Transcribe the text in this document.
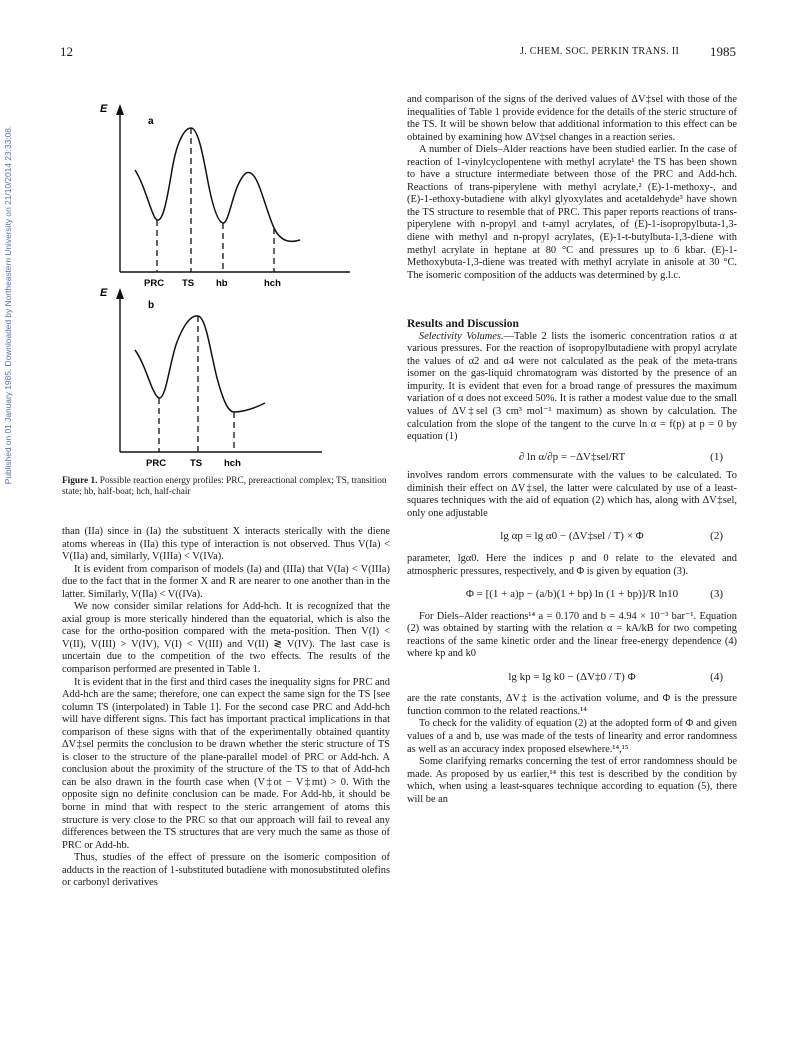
Published on 01 January 1985. Downloaded by Northeastern University on 21/10/2014 23:33:08.
12	J. CHEM. SOC. PERKIN TRANS. II 1985
E
a
PRC TS hb	hch
E
b
PRC	TS hch
Figure 1. Possible reaction energy profiles: PRC, prereactional complex; TS, transition state; hb, half-boat; hch, half-chair

than (IIa) since in (Ia) the substituent X interacts sterically with the diene atoms whereas in (IIa) this type of interaction is not observed. Thus V(Ia) < V(IIa) and, similarly, V(IIIa) < V(IVa).

It is evident from comparison of models (Ia) and (IIIa) that V(Ia) < V(IIIa) due to the fact that in the former X and R are nearer to one another than in the latter. Similarly, V(IIa) < V((IVa).

We now consider similar relations for Add-hch. It is recognized that the axial group is more sterically hindered than the equatorial, which is also the case for the ortho-position compared with the meta-position. Then V(I) < V(II), V(III) > V(IV), V(I) < V(III) and V(II) ≷ V(IV). The last case is uncertain due to the competition of the two effects. The results of the comparison performed are presented in Table 1.

It is evident that in the first and third cases the inequality signs for PRC and Add-hch are the same; therefore, one can expect the same sign for the TS [see column TS (interpolated) in Table 1]. For the second case PRC and Add-hch will have different signs. This fact has important practical implications in that comparison of these signs with that of the experimentally obtained quantity ΔV‡sel permits the conclusion to be drawn whether the steric structure of TS is closer to the structure of the plane-parallel model of PRC or Add-hch. A conclusion about the proximity of the structure of the TS to that of Add-hch can be also drawn in the fourth case when (V‡ot − V‡mt) > 0. With the opposite sign no definite conclusion can be made. For Add-hb, it should be borne in mind that with respect to the steric arrangement of atoms this structure is very close to the PRC so that our approach will fail to reveal any differences between the TS structures that are very much the same as those of PRC or Add-hb.

Thus, studies of the effect of pressure on the isomeric composition of adducts in the reaction of 1-substituted butadiene with monosubstituted olefins or carbonyl derivatives

and comparison of the signs of the derived values of ΔV‡sel with those of the inequalities of Table 1 provide evidence for the details of the steric structure of the TS. It will be shown below that additional information to this effect can be obtained by examining how ΔV‡sel changes in a reaction series.

A number of Diels–Alder reactions have been studied earlier. In the case of reaction of 1-vinylcyclopentene with methyl acrylate¹ the TS has been shown to have a structure intermediate between those of the PRC and Add-hch. Reactions of trans-piperylene with methyl acrylate,² (E)-1-methoxy-, and (E)-1-ethoxy-butadiene with alkyl glyoxylates and acetaldehyde³ have shown the TS structure to resemble that of PRC. This paper reports reactions of trans-piperylene with n-propyl and t-amyl acrylates, of (E)-1-isopropylbuta-1,3-diene with methyl and n-propyl acrylates, (E)-1-t-butylbuta-1,3-diene with methyl acrylate in heptane at 80 °C and pressures up to 6 kbar. (E)-1-Methoxybuta-1,3-diene was treated with methyl acrylate in anisole at 30 °C. The isomeric composition of the adducts was determined by g.l.c.

Results and Discussion

Selectivity Volumes.—Table 2 lists the isomeric concentration ratios α at various pressures. For the reaction of isopropylbutadiene with propyl acrylate the values of α2 and α4 were not calculated as the peak of the meta-trans isomer on the gas-liquid chromatogram was distorted by the presence of an impurity. It is evident that even for a broad range of pressures the maximum variation of α does not exceed 50%. It is rather a modest value due to the small values of ΔV‡sel (3 cm³ mol⁻¹ maximum) as shown by calculation. The calculation from the slope of the tangent to the curve ln α = f(p) at p = 0 by equation (1)

∂ ln α/∂p = −ΔV‡sel/RT	(1)

involves random errors commensurate with the values to be calculated. To diminish their effect on ΔV‡sel, the latter were calculated by use of a least-squares techniques with the aid of equation (2) which has, along with ΔV‡sel, only one adjustable

lg αp = lg α0 − (ΔV‡sel / T) × Φ	(2)

parameter, lgα0. Here the indices p and 0 relate to the elevated and atmospheric pressures, respectively, and Φ is given by equation (3).

Φ = [(1 + a)p − (a/b)(1 + bp) ln (1 + bp)]/R ln10	(3)

For Diels–Alder reactions¹⁴ a = 0.170 and b = 4.94 × 10⁻³ bar⁻¹. Equation (2) was obtained by starting with the relation α = kA/kB for two competing reactions of the same kinetic order and the linear free-energy dependence (4) where kp and k0

lg kp = lg k0 − (ΔV‡0 / T) Φ	(4)

are the rate constants, ΔV‡ is the activation volume, and Φ is the pressure function common to the related reactions.¹⁴

To check for the validity of equation (2) at the adopted form of Φ and given values of a and b, use was made of the tests of linearity and error randomness as well as an accuracy index proposed elsewhere.¹⁴,¹⁵

Some clarifying remarks concerning the test of error randomness should be made. As proposed by us earlier,¹⁴ this test is described by the condition by which, when using a least-squares technique according to equation (5), there will be an
